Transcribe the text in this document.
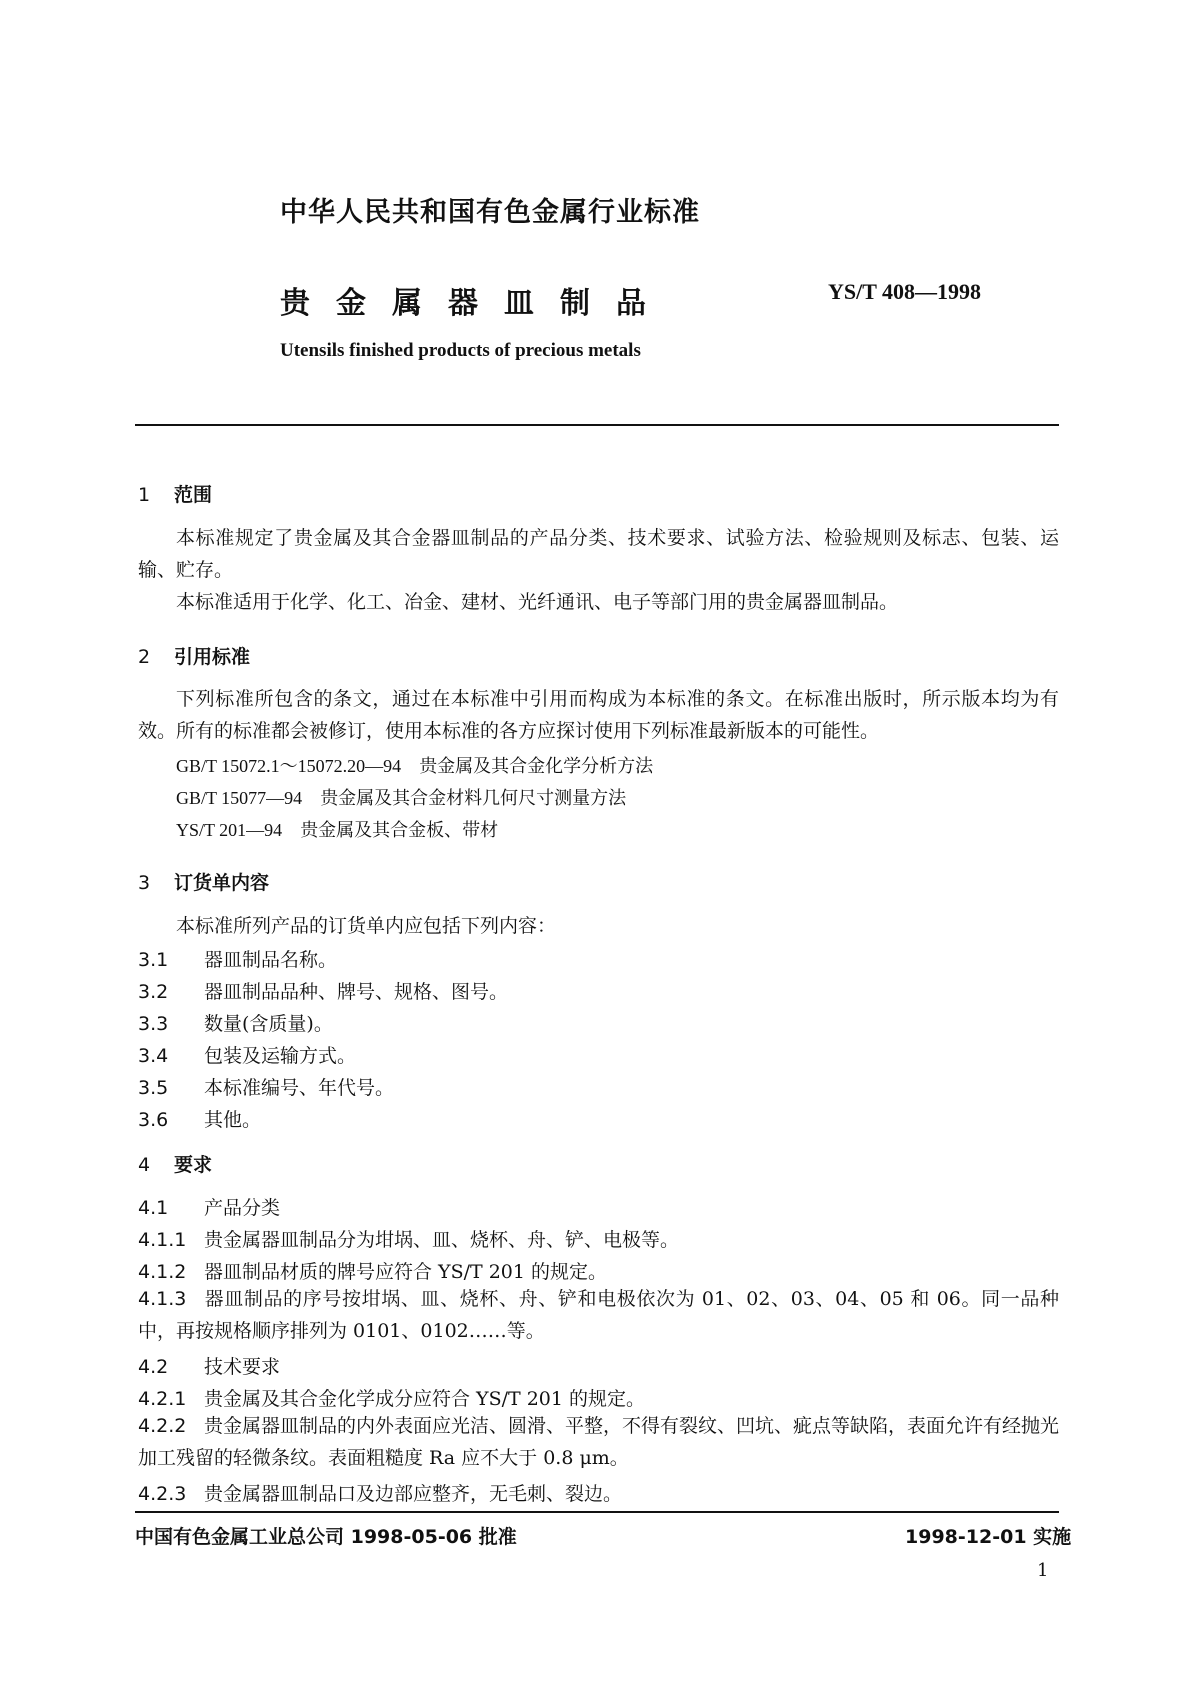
中华人民共和国有色金属行业标准
贵金属器皿制品	YS/T 408—1998
Utensils finished products of precious metals
1 范围
本标准规定了贵金属及其合金器皿制品的产品分类、技术要求、试验方法、检验规则及标志、包装、运输、贮存。
本标准适用于化学、化工、冶金、建材、光纤通讯、电子等部门用的贵金属器皿制品。
2 引用标准
下列标准所包含的条文，通过在本标准中引用而构成为本标准的条文。在标准出版时，所示版本均为有效。所有的标准都会被修订，使用本标准的各方应探讨使用下列标准最新版本的可能性。
GB/T 15072.1～15072.20—94 贵金属及其合金化学分析方法
GB/T 15077—94 贵金属及其合金材料几何尺寸测量方法
YS/T 201—94 贵金属及其合金板、带材
3 订货单内容
本标准所列产品的订货单内应包括下列内容：
3.1 器皿制品名称。
3.2 器皿制品品种、牌号、规格、图号。
3.3 数量(含质量)。
3.4 包装及运输方式。
3.5 本标准编号、年代号。
3.6 其他。
4 要求
4.1 产品分类
4.1.1 贵金属器皿制品分为坩埚、皿、烧杯、舟、铲、电极等。
4.1.2 器皿制品材质的牌号应符合 YS/T 201 的规定。
4.1.3 器皿制品的序号按坩埚、皿、烧杯、舟、铲和电极依次为 01、02、03、04、05 和 06。同一品种中，再按规格顺序排列为 0101、0102……等。
4.2 技术要求
4.2.1 贵金属及其合金化学成分应符合 YS/T 201 的规定。
4.2.2 贵金属器皿制品的内外表面应光洁、圆滑、平整，不得有裂纹、凹坑、疵点等缺陷，表面允许有经抛光加工残留的轻微条纹。表面粗糙度 Ra 应不大于 0.8 μm。
4.2.3 贵金属器皿制品口及边部应整齐，无毛刺、裂边。
中国有色金属工业总公司 1998-05-06 批准	1998-12-01 实施
1
